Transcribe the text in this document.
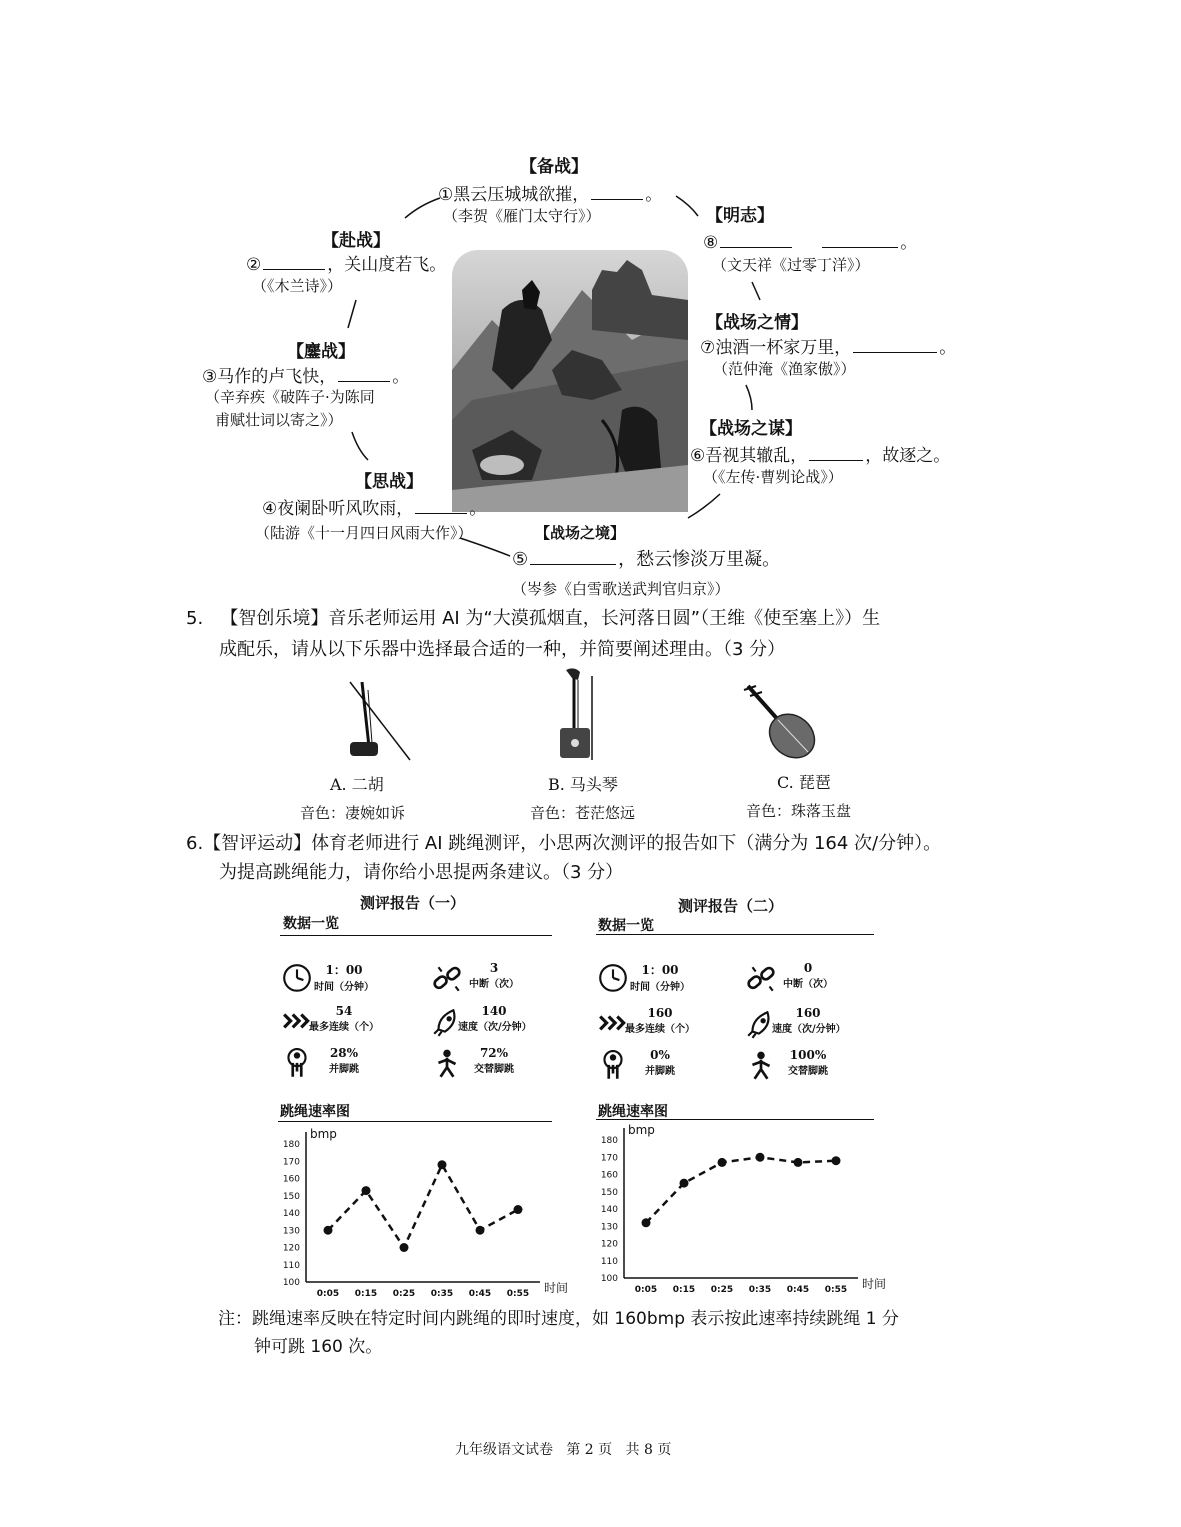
【备战】
①黑云压城城欲摧，	。
（李贺《雁门太守行》）
【赴战】
②	，关山度若飞。
（《木兰诗》）
【鏖战】
③马作的卢飞快，	。
（辛弃疾《破阵子·为陈同
甫赋壮词以寄之》）
【思战】
④夜阑卧听风吹雨，	。
（陆游《十一月四日风雨大作》）	【战场之境】
⑤	，愁云惨淡万里凝。
（岑参《白雪歌送武判官归京》）
【战场之谋】
⑥吾视其辙乱，	，故逐之。
（《左传·曹刿论战》）
【战场之情】
⑦浊酒一杯家万里，	。
（范仲淹《渔家傲》）
【明志】
⑧	。
（文天祥《过零丁洋》）
5. 【智创乐境】音乐老师运用 AI 为“大漠孤烟直，长河落日圆”（王维《使至塞上》）生
成配乐，请从以下乐器中选择最合适的一种，并简要阐述理由。（3 分）
A. 二胡	B. 马头琴	C. 琵琶
音色：凄婉如诉	音色：苍茫悠远	音色：珠落玉盘
6.【智评运动】体育老师进行 AI 跳绳测评，小思两次测评的报告如下（满分为 164 次/分钟）。
为提高跳绳能力，请你给小思提两条建议。（3 分）
测评报告（一）
数据一览
测评报告（二）
数据一览
1：00
时间（分钟）
3
中断（次）
54
最多连续（个）
140
速度（次/分钟）
28%
并脚跳
72%
交替脚跳
1：00
时间（分钟）
0
中断（次）
160
最多连续（个）
160
速度（次/分钟）
0%
并脚跳
100%
交替脚跳
跳绳速率图	跳绳速率图
100
110
120
130
140
150
160
170
180
0:05 0:15 0:25 0:35 0:45 0:55
bmp
时间
100
110
120
130
140
150
160
170
180
0:05 0:15 0:25 0:35 0:45 0:55
bmp
时间
注：跳绳速率反映在特定时间内跳绳的即时速度，如 160bmp 表示按此速率持续跳绳 1 分
钟可跳 160 次。
九年级语文试卷   第 2 页   共 8 页
